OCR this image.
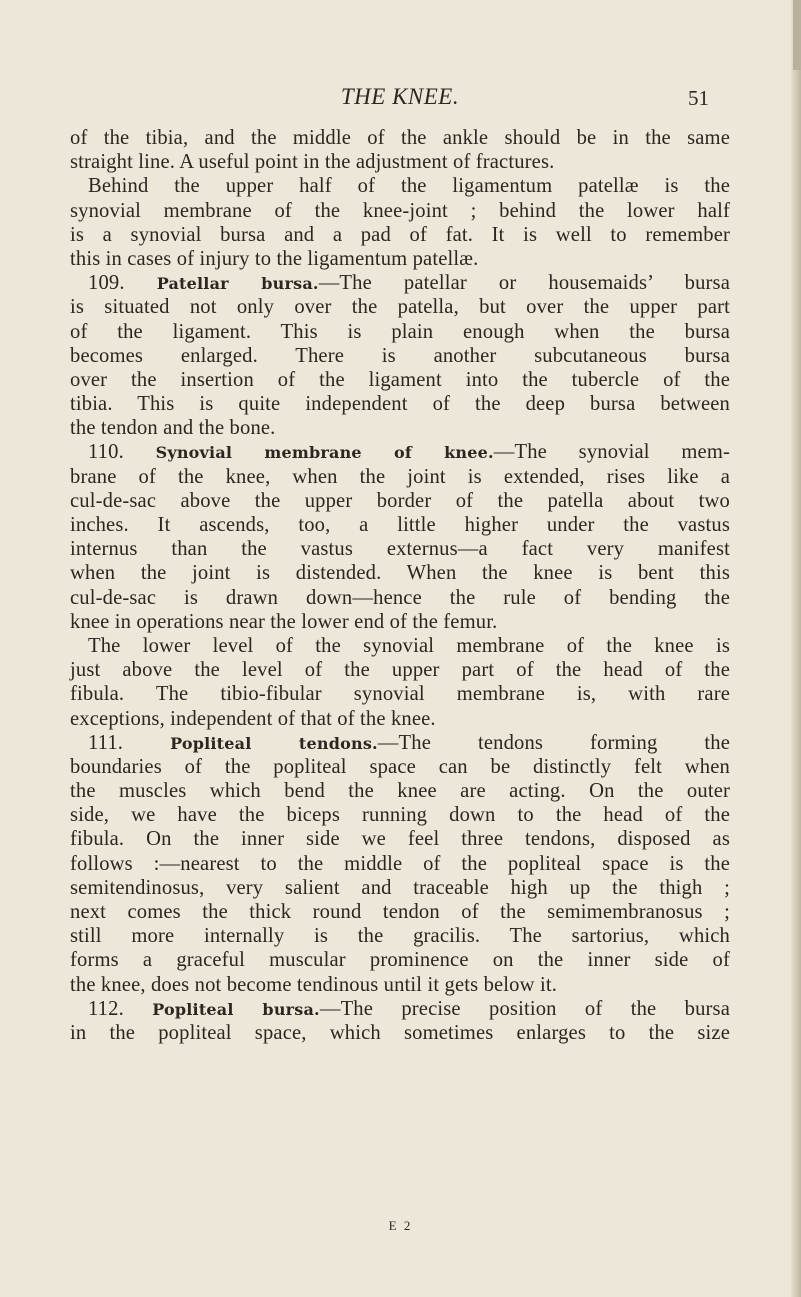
THE KNEE.	51
of the tibia, and the middle of the ankle should be in the same
straight line. A useful point in the adjustment of fractures.
Behind the upper half of the ligamentum patellæ is the
synovial membrane of the knee-joint ; behind the lower half
is a synovial bursa and a pad of fat. It is well to remember
this in cases of injury to the ligamentum patellæ.
109. Patellar bursa.—The patellar or housemaids’ bursa
is situated not only over the patella, but over the upper part
of the ligament. This is plain enough when the bursa
becomes enlarged. There is another subcutaneous bursa
over the insertion of the ligament into the tubercle of the
tibia. This is quite independent of the deep bursa between
the tendon and the bone.
110. Synovial membrane of knee.—The synovial mem-
brane of the knee, when the joint is extended, rises like a
cul-de-sac above the upper border of the patella about two
inches. It ascends, too, a little higher under the vastus
internus than the vastus externus—a fact very manifest
when the joint is distended. When the knee is bent this
cul-de-sac is drawn down—hence the rule of bending the
knee in operations near the lower end of the femur.
The lower level of the synovial membrane of the knee is
just above the level of the upper part of the head of the
fibula. The tibio-fibular synovial membrane is, with rare
exceptions, independent of that of the knee.
111. Popliteal tendons.—The tendons forming the
boundaries of the popliteal space can be distinctly felt when
the muscles which bend the knee are acting. On the outer
side, we have the biceps running down to the head of the
fibula. On the inner side we feel three tendons, disposed as
follows :—nearest to the middle of the popliteal space is the
semitendinosus, very salient and traceable high up the thigh ;
next comes the thick round tendon of the semimembranosus ;
still more internally is the gracilis. The sartorius, which
forms a graceful muscular prominence on the inner side of
the knee, does not become tendinous until it gets below it.
112. Popliteal bursa.—The precise position of the bursa
in the popliteal space, which sometimes enlarges to the size
E 2
